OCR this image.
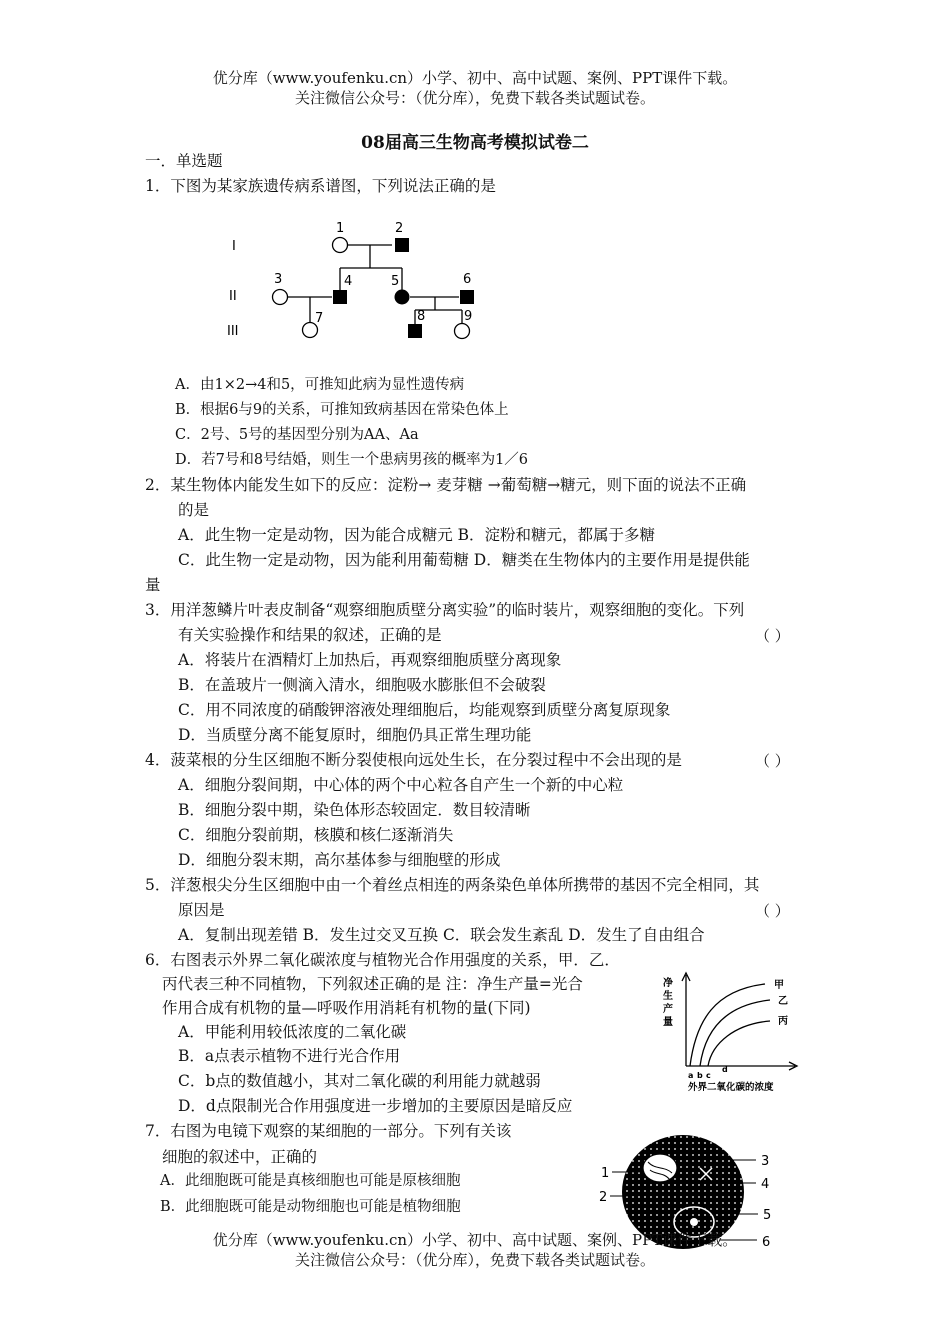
优分库（www.youfenku.cn）小学、初中、高中试题、案例、PPT课件下载。
关注微信公众号：（优分库），免费下载各类试题试卷。
08届高三生物高考模拟试卷二
一．单选题
1．下图为某家族遗传病系谱图，下列说法正确的是
I
II
III
1	2
3	4	5	6
7	8	9
A．由1×2→4和5，可推知此病为显性遗传病
B．根据6与9的关系，可推知致病基因在常染色体上
C．2号、5号的基因型分别为AA、Aa
D．若7号和8号结婚，则生一个患病男孩的概率为1／6
2．某生物体内能发生如下的反应：淀粉→ 麦芽糖 →葡萄糖→糖元，则下面的说法不正确
的是
A．此生物一定是动物，因为能合成糖元 B．淀粉和糖元，都属于多糖
C．此生物一定是动物，因为能利用葡萄糖 D．糖类在生物体内的主要作用是提供能
量
3．用洋葱鳞片叶表皮制备“观察细胞质壁分离实验”的临时装片，观察细胞的变化。下列
有关实验操作和结果的叙述，正确的是	（ ）
A．将装片在酒精灯上加热后，再观察细胞质壁分离现象
B．在盖玻片一侧滴入清水，细胞吸水膨胀但不会破裂
C．用不同浓度的硝酸钾溶液处理细胞后，均能观察到质壁分离复原现象
D．当质壁分离不能复原时，细胞仍具正常生理功能
4．菠菜根的分生区细胞不断分裂使根向远处生长，在分裂过程中不会出现的是	（ ）
A．细胞分裂间期，中心体的两个中心粒各自产生一个新的中心粒
B．细胞分裂中期，染色体形态较固定．数目较清晰
C．细胞分裂前期，核膜和核仁逐渐消失
D．细胞分裂末期，高尔基体参与细胞壁的形成
5．洋葱根尖分生区细胞中由一个着丝点相连的两条染色单体所携带的基因不完全相同，其
原因是	（ ）
A．复制出现差错 B．发生过交叉互换 C．联会发生紊乱 D．发生了自由组合
6．右图表示外界二氧化碳浓度与植物光合作用强度的关系，甲．乙．
丙代表三种不同植物，下列叙述正确的是 注：净生产量=光合
作用合成有机物的量—呼吸作用消耗有机物的量(下同)
A．甲能利用较低浓度的二氧化碳
B．a点表示植物不进行光合作用
C．b点的数值越小，其对二氧化碳的利用能力就越弱
D．d点限制光合作用强度进一步增加的主要原因是暗反应
净
生
产
量
甲
乙
丙
a b c
d
外界二氧化碳的浓度
7．右图为电镜下观察的某细胞的一部分。下列有关该
细胞的叙述中，正确的
A．此细胞既可能是真核细胞也可能是原核细胞
B．此细胞既可能是动物细胞也可能是植物细胞
1
2
3
4
5
6
优分库（www.youfenku.cn）小学、初中、高中试题、案例、PPT课件下载。
关注微信公众号：（优分库），免费下载各类试题试卷。
